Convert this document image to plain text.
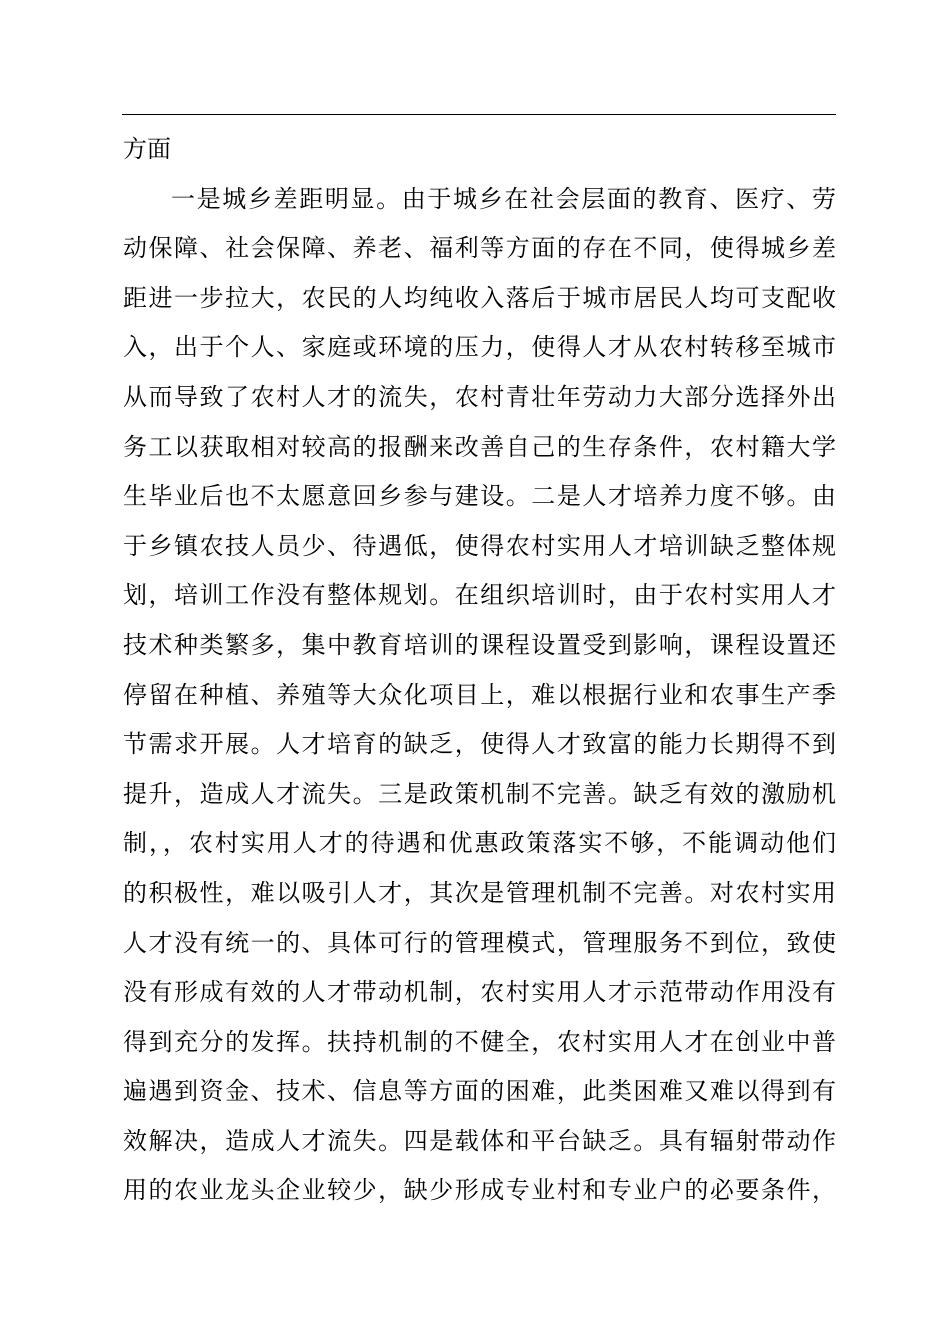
方面
一是城乡差距明显。由于城乡在社会层面的教育、医疗、劳
动保障、社会保障、养老、福利等方面的存在不同，使得城乡差
距进一步拉大，农民的人均纯收入落后于城市居民人均可支配收
入，出于个人、家庭或环境的压力，使得人才从农村转移至城市
从而导致了农村人才的流失，农村青壮年劳动力大部分选择外出
务工以获取相对较高的报酬来改善自己的生存条件，农村籍大学
生毕业后也不太愿意回乡参与建设。二是人才培养力度不够。由
于乡镇农技人员少、待遇低，使得农村实用人才培训缺乏整体规
划，培训工作没有整体规划。在组织培训时，由于农村实用人才
技术种类繁多，集中教育培训的课程设置受到影响，课程设置还
停留在种植、养殖等大众化项目上，难以根据行业和农事生产季
节需求开展。人才培育的缺乏，使得人才致富的能力长期得不到
提升，造成人才流失。三是政策机制不完善。缺乏有效的激励机
制，，农村实用人才的待遇和优惠政策落实不够，不能调动他们
的积极性，难以吸引人才，其次是管理机制不完善。对农村实用
人才没有统一的、具体可行的管理模式，管理服务不到位，致使
没有形成有效的人才带动机制，农村实用人才示范带动作用没有
得到充分的发挥。扶持机制的不健全，农村实用人才在创业中普
遍遇到资金、技术、信息等方面的困难，此类困难又难以得到有
效解决，造成人才流失。四是载体和平台缺乏。具有辐射带动作
用的农业龙头企业较少，缺少形成专业村和专业户的必要条件，
